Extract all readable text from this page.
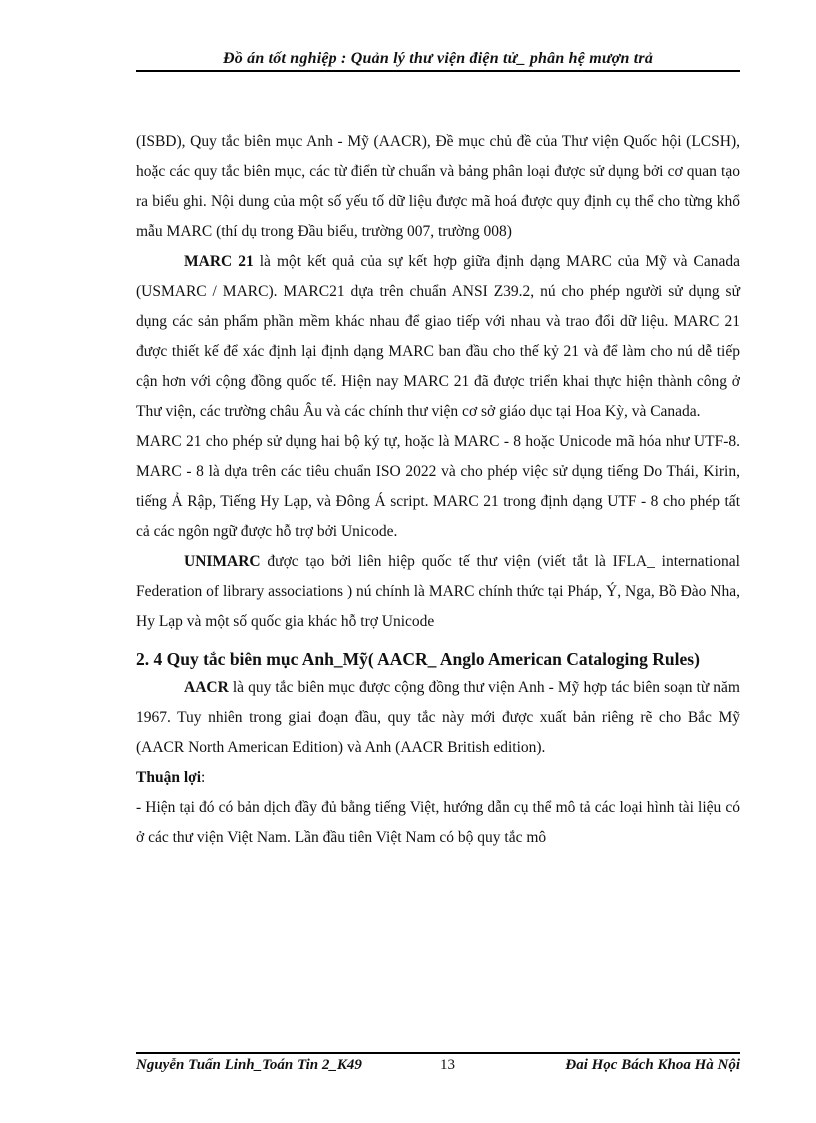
Đồ án tốt nghiệp : Quản lý thư viện điện tử_ phân hệ mượn trả

(ISBD), Quy tắc biên mục Anh - Mỹ (AACR), Đề mục chủ đề của Thư viện Quốc hội (LCSH), hoặc các quy tắc biên mục, các từ điển từ chuẩn và bảng phân loại được sử dụng bởi cơ quan tạo ra biểu ghi. Nội dung của một số yếu tố dữ liệu được mã hoá được quy định cụ thể cho từng khổ mẫu MARC (thí dụ trong Đầu biểu, trường 007, trường 008)

MARC 21 là một kết quả của sự kết hợp giữa định dạng MARC của Mỹ và Canada (USMARC / MARC). MARC21 dựa trên chuẩn ANSI Z39.2, nú cho phép người sử dụng sử dụng các sản phẩm phần mềm khác nhau để giao tiếp với nhau và trao đổi dữ liệu. MARC 21 được thiết kế để xác định lại định dạng MARC ban đầu cho thế kỷ 21 và để làm cho nú dễ tiếp cận hơn với cộng đồng quốc tế. Hiện nay MARC 21 đã được triển khai thực hiện thành công ở Thư viện, các trường châu Âu và các chính thư viện cơ sở giáo dục tại Hoa Kỳ, và Canada.

MARC 21 cho phép sử dụng hai bộ ký tự, hoặc là MARC - 8 hoặc Unicode mã hóa như UTF-8. MARC - 8 là dựa trên các tiêu chuẩn ISO 2022 và cho phép việc sử dụng tiếng Do Thái, Kirin, tiếng Ả Rập, Tiếng Hy Lạp, và Đông Á script. MARC 21 trong định dạng UTF - 8 cho phép tất cả các ngôn ngữ được hỗ trợ bởi Unicode.

UNIMARC được tạo bởi liên hiệp quốc tế thư viện (viết tắt là IFLA_ international Federation of library associations ) nú chính là MARC chính thức tại Pháp, Ý, Nga, Bồ Đào Nha, Hy Lạp và một số quốc gia khác hỗ trợ Unicode

2. 4 Quy tắc biên mục Anh_Mỹ( AACR_ Anglo American Cataloging Rules)

AACR là quy tắc biên mục được cộng đồng thư viện Anh - Mỹ hợp tác biên soạn từ năm 1967. Tuy nhiên trong giai đoạn đầu, quy tắc này mới được xuất bản riêng rẽ cho Bắc Mỹ (AACR North American Edition) và Anh (AACR British edition).

Thuận lợi:

- Hiện tại đó có bản dịch đầy đủ bằng tiếng Việt, hướng dẫn cụ thể mô tả các loại hình tài liệu có ở các thư viện Việt Nam. Lần đầu tiên Việt Nam có bộ quy tắc mô

Nguyễn Tuấn Linh_Toán Tin 2_K49	13	Đai Học Bách Khoa Hà Nội
